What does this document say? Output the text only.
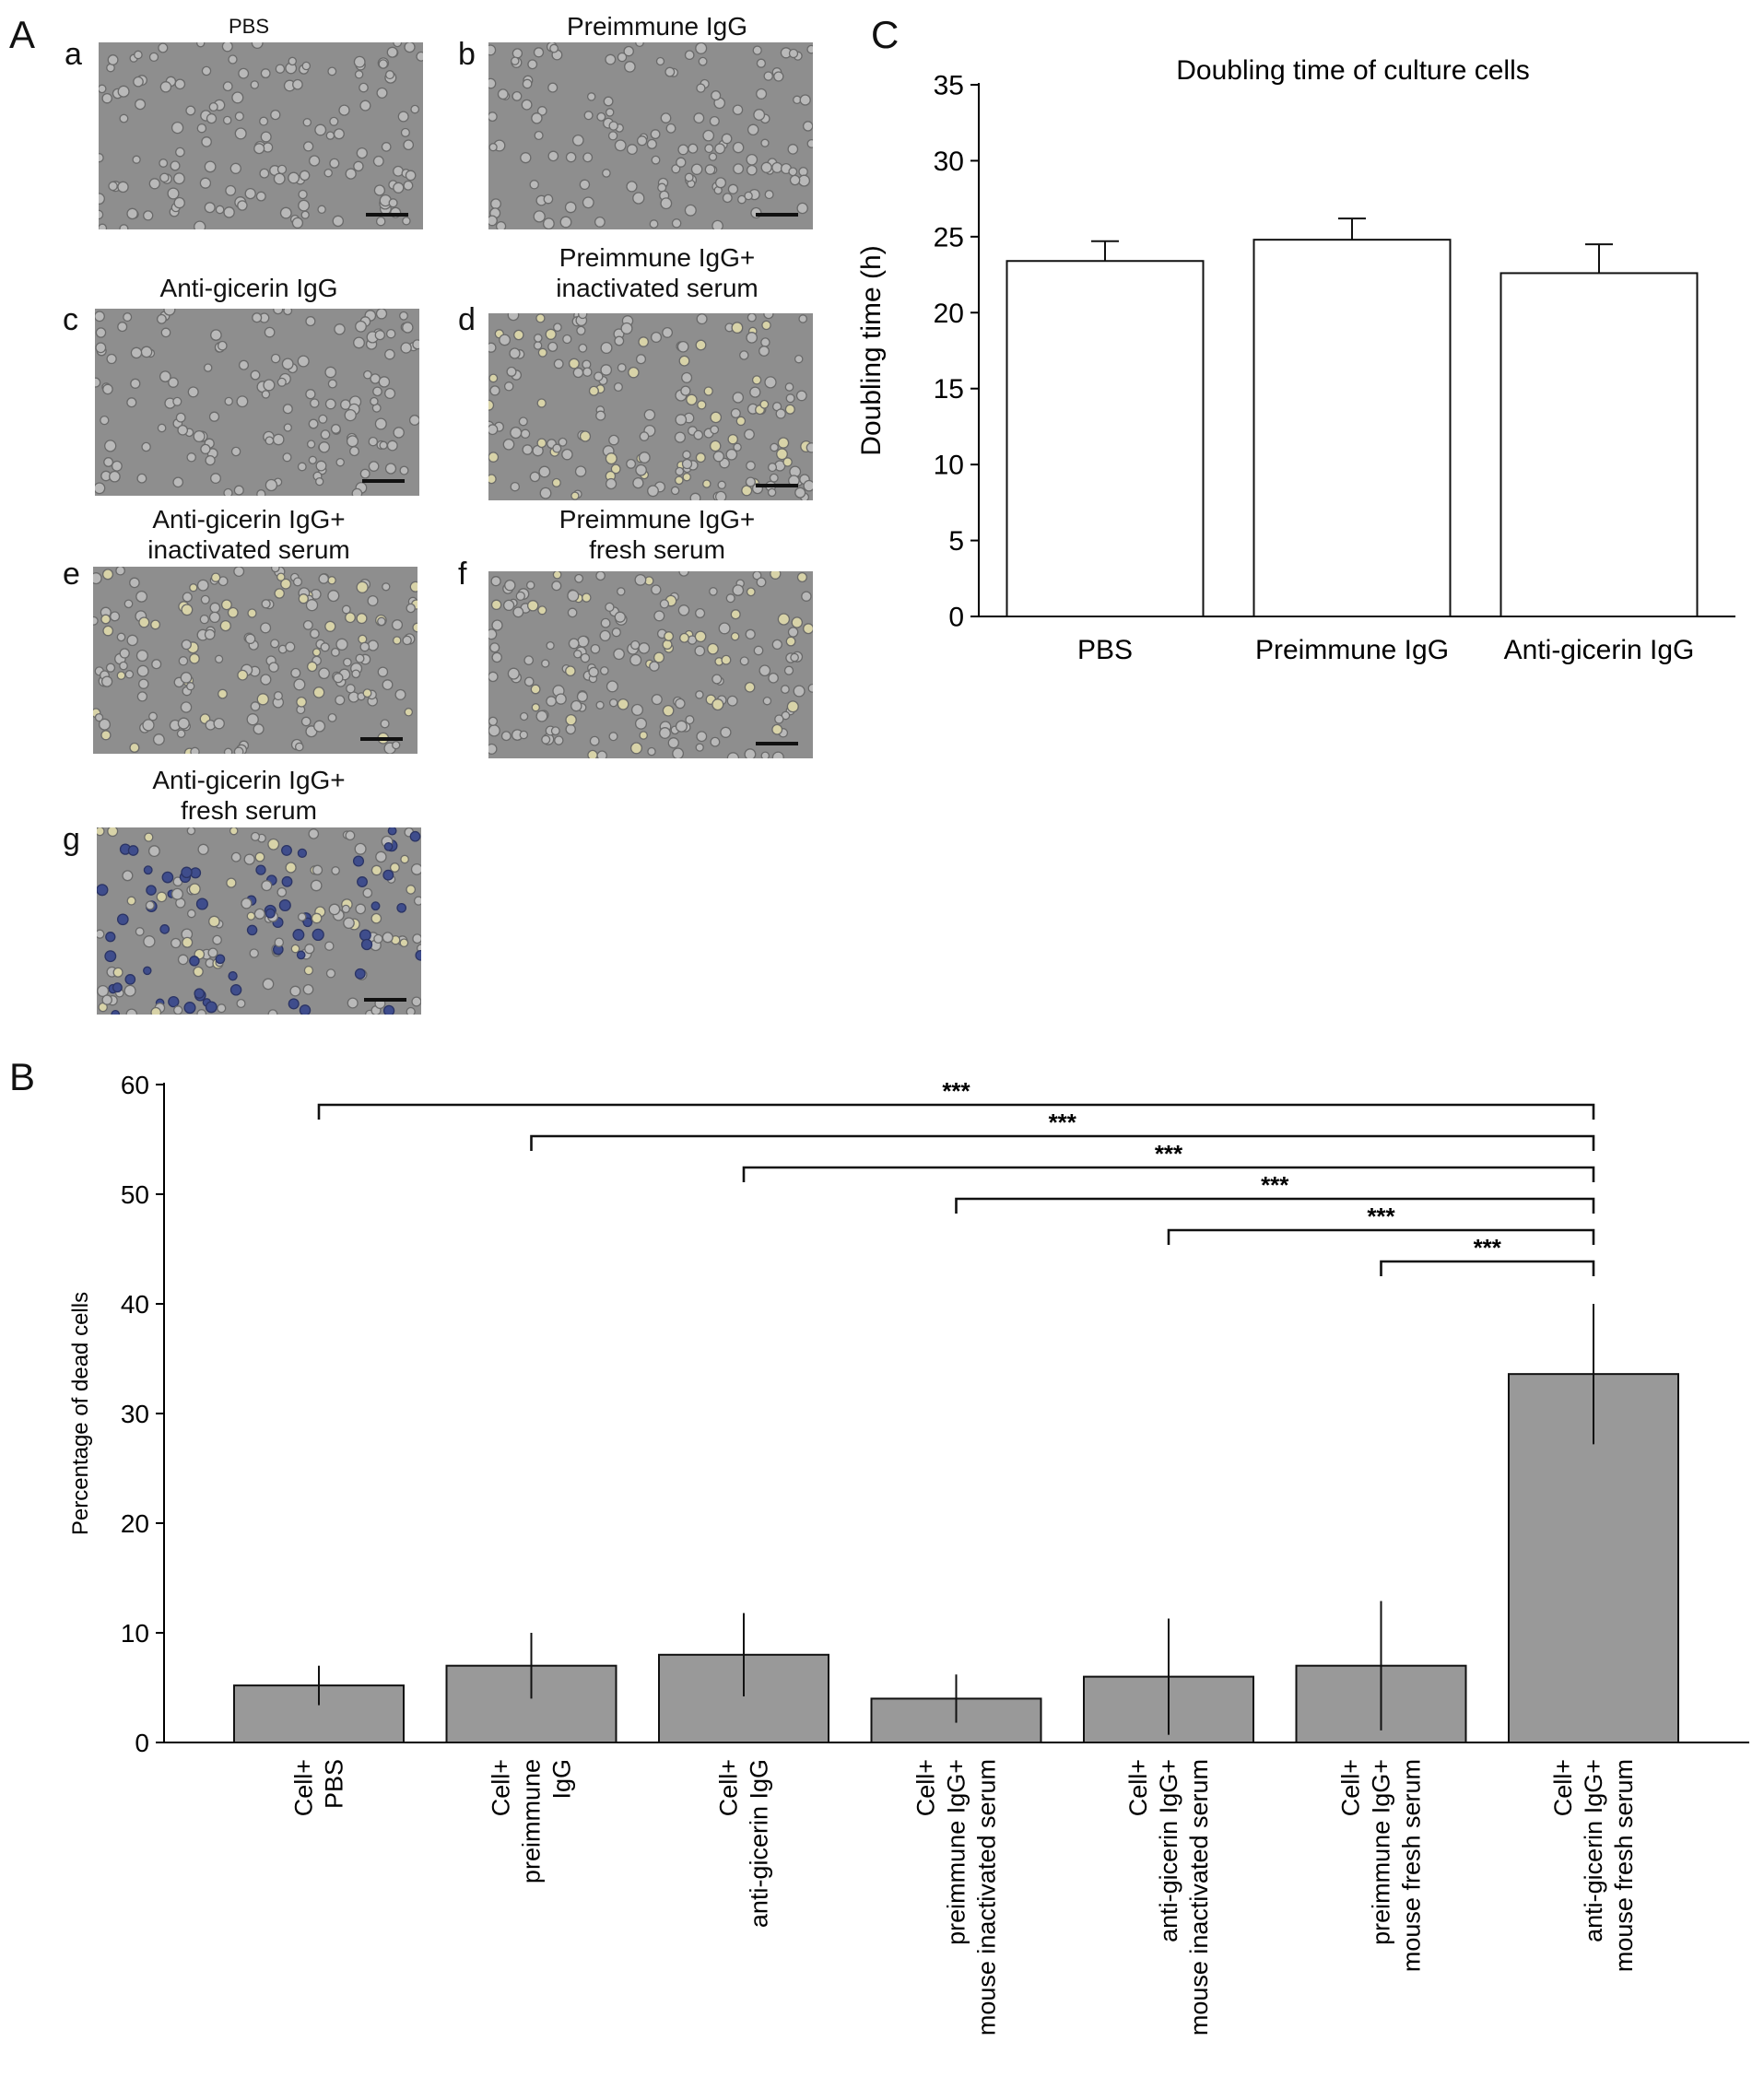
A	C
B
a
PBS
b
Preimmune IgG
c
Anti-gicerin IgG
d
Preimmune IgG+
inactivated serum
e
Anti-gicerin IgG+
inactivated serum
f
Preimmune IgG+
fresh serum
g
Anti-gicerin IgG+
fresh serum
Doubling time of culture cells
0
5
10
15
20
25
30
35
Doubling time (h)
PBS	Preimmune IgG Anti-gicerin IgG
0
10
20
30
40
50
60
Percentage of dead cells
Cell+ PBS	Cell+ preimmune IgG	Cell+ anti-gicerin IgG	Cell+ preimmune IgG+ mouse inactivated serum	Cell+ anti-gicerin IgG+ mouse inactivated serum	Cell+ preimmune IgG+ mouse fresh serum	Cell+ anti-gicerin IgG+ mouse fresh serum
***
***
***
***
***
***
